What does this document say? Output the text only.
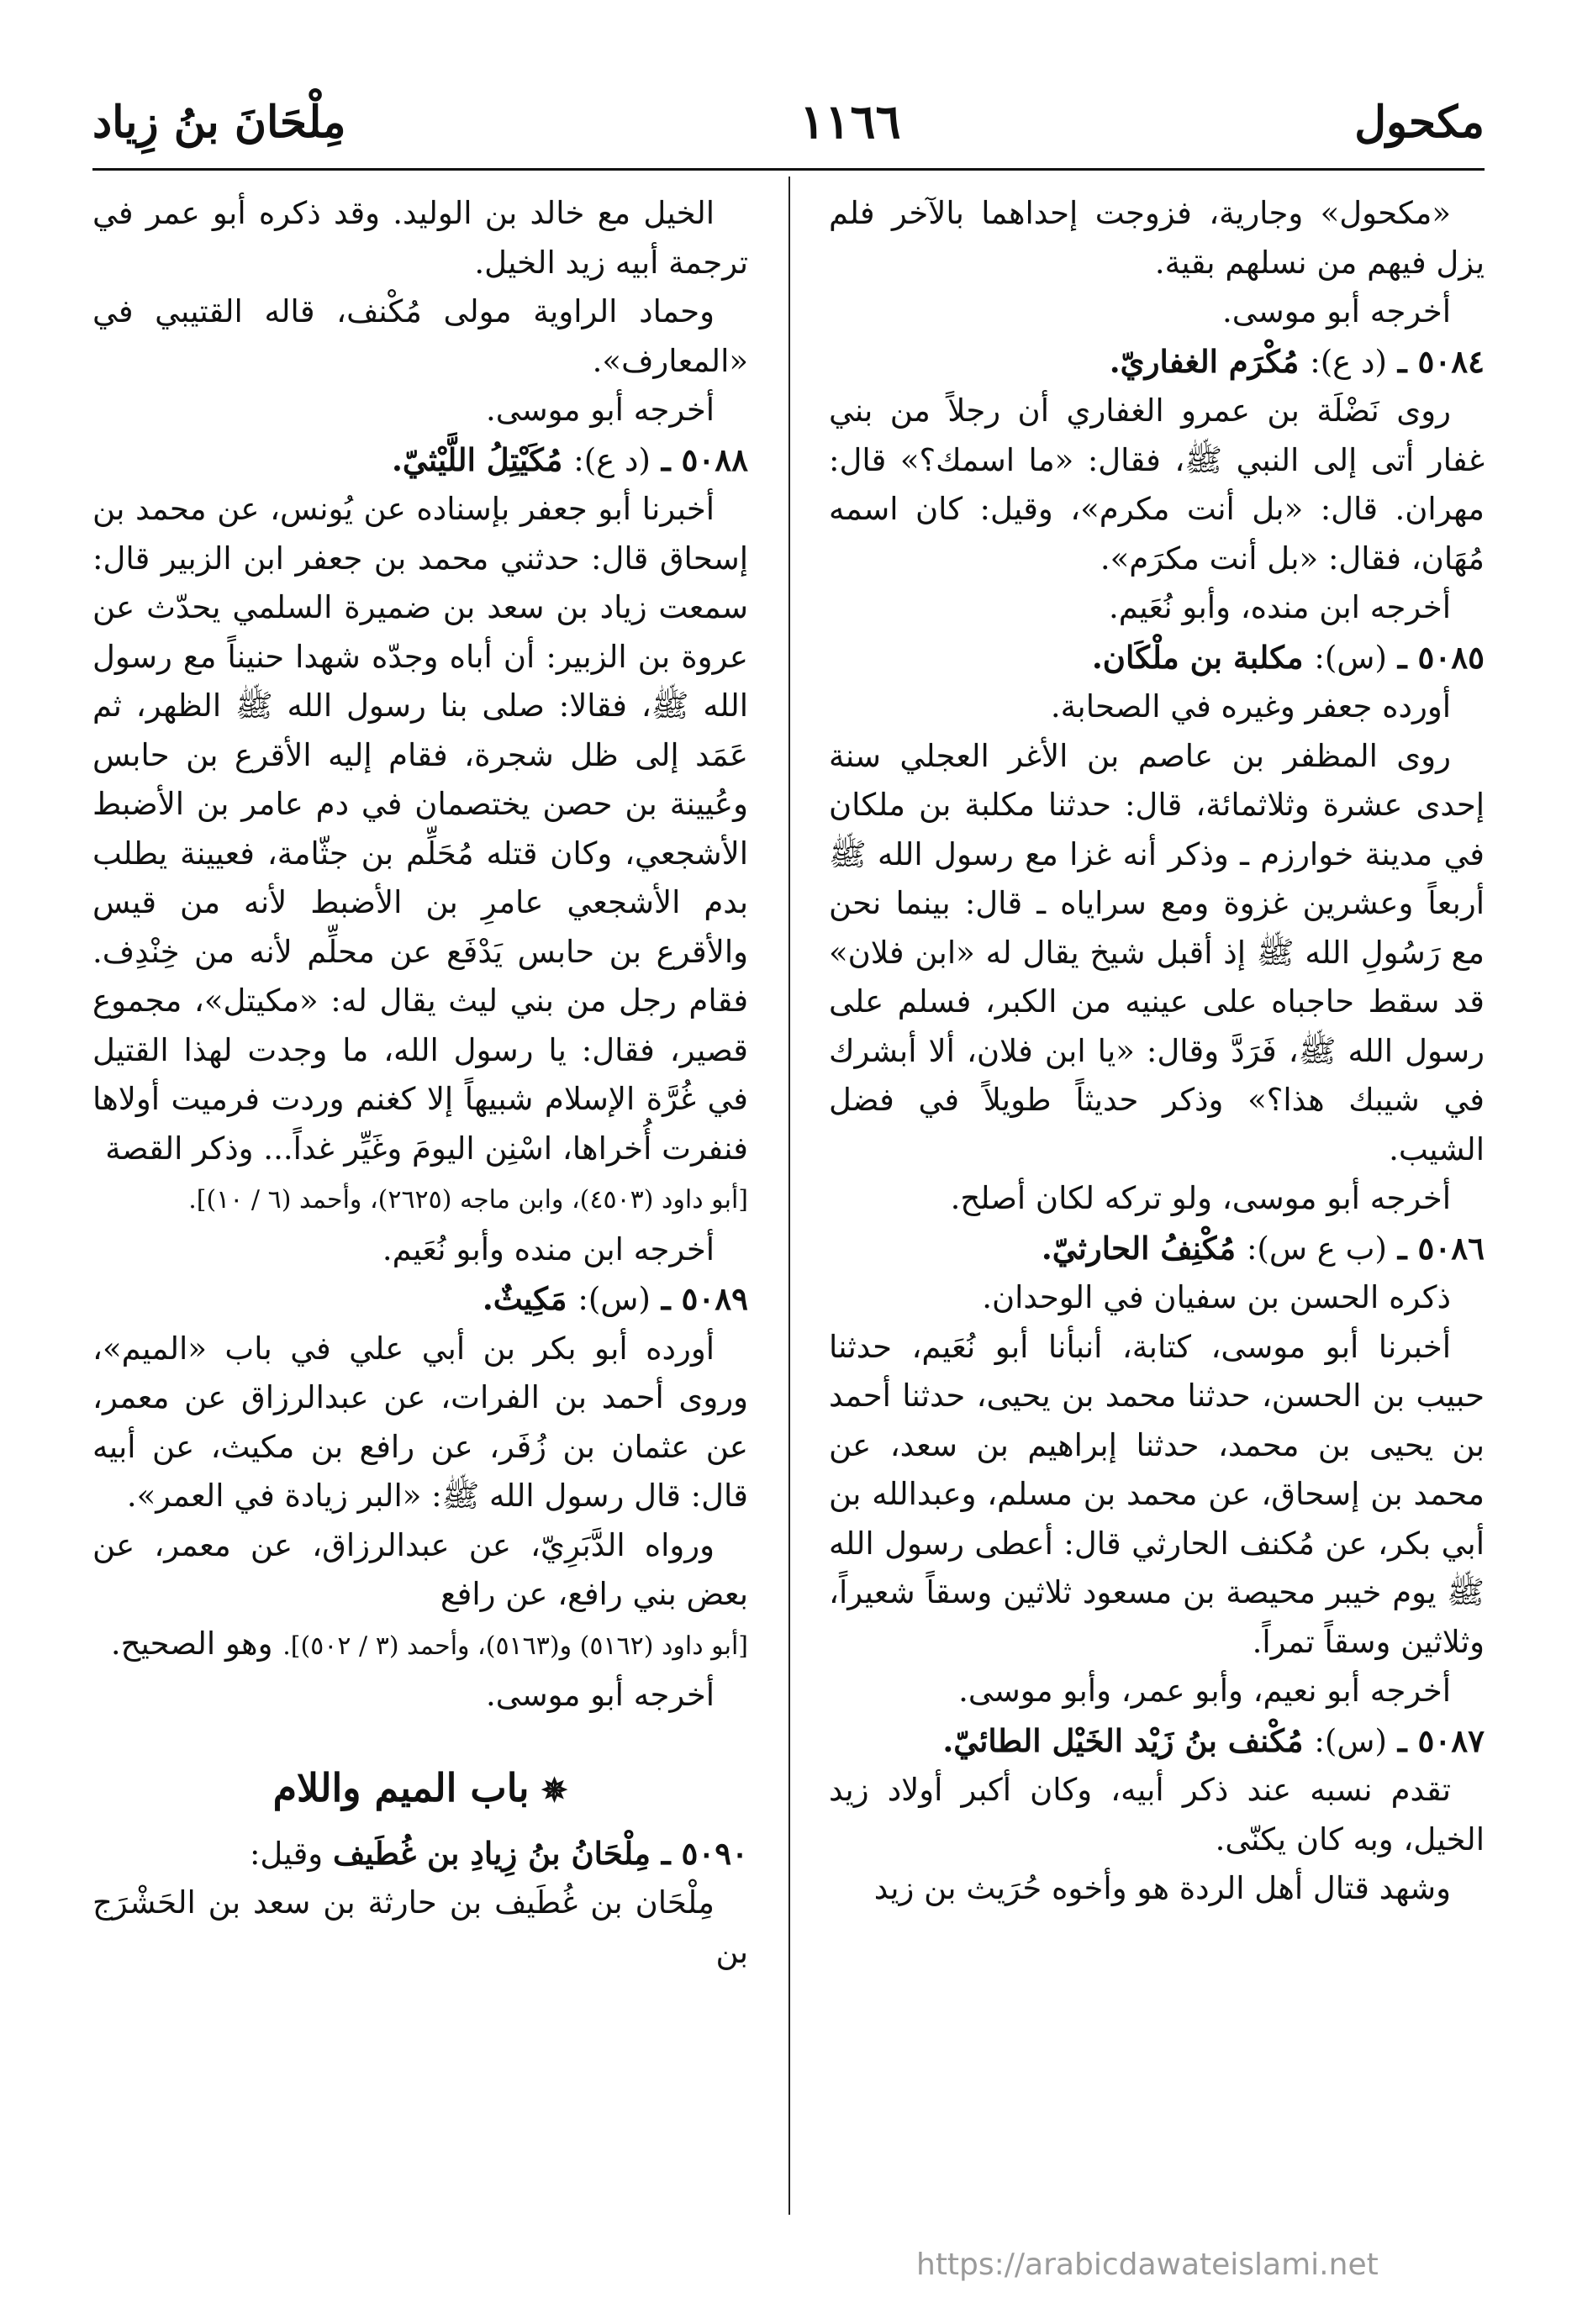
مكحول
١١٦٦
مِلْحَانَ بنُ زِياد

«مكحول» وجارية، فزوجت إحداهما بالآخر فلم يزل فيهم من نسلهم بقية.

أخرجه أبو موسى.

٥٠٨٤ ـ (د ع): مُكْرَم الغفاريّ.

روى نَضْلَة بن عمرو الغفاري أن رجلاً من بني غفار أتى إلى النبي ﷺ، فقال: «ما اسمك؟» قال: مهران. قال: «بل أنت مكرم»، وقيل: كان اسمه مُهَان، فقال: «بل أنت مكرَم».

أخرجه ابن منده، وأبو نُعَيم.

٥٠٨٥ ـ (س): مكلبة بن ملْكَان.

أورده جعفر وغيره في الصحابة.

روى المظفر بن عاصم بن الأغر العجلي سنة إحدى عشرة وثلاثمائة، قال: حدثنا مكلبة بن ملكان في مدينة خوارزم ـ وذكر أنه غزا مع رسول الله ﷺ أربعاً وعشرين غزوة ومع سراياه ـ قال: بينما نحن مع رَسُولِ الله ﷺ إذ أقبل شيخ يقال له «ابن فلان» قد سقط حاجباه على عينيه من الكبر، فسلم على رسول الله ﷺ، فَرَدَّ وقال: «يا ابن فلان، ألا أبشرك في شيبك هذا؟» وذكر حديثاً طويلاً في فضل الشيب.

أخرجه أبو موسى، ولو تركه لكان أصلح.

٥٠٨٦ ـ (ب ع س): مُكْنِفُ الحارثيّ.

ذكره الحسن بن سفيان في الوحدان.

أخبرنا أبو موسى، كتابة، أنبأنا أبو نُعَيم، حدثنا حبيب بن الحسن، حدثنا محمد بن يحيى، حدثنا أحمد بن يحيى بن محمد، حدثنا إبراهيم بن سعد، عن محمد بن إسحاق، عن محمد بن مسلم، وعبدالله بن أبي بكر، عن مُكنف الحارثي قال: أعطى رسول الله ﷺ يوم خيبر محيصة بن مسعود ثلاثين وسقاً شعيراً، وثلاثين وسقاً تمراً.

أخرجه أبو نعيم، وأبو عمر، وأبو موسى.

٥٠٨٧ ـ (س): مُكْنف بنُ زَيْد الخَيْل الطائيّ.

تقدم نسبه عند ذكر أبيه، وكان أكبر أولاد زيد الخيل، وبه كان يكنّى.

وشهد قتال أهل الردة هو وأخوه حُرَيث بن زيد

الخيل مع خالد بن الوليد. وقد ذكره أبو عمر في ترجمة أبيه زيد الخيل.

وحماد الراوية مولى مُكْنف، قاله القتيبي في «المعارف».

أخرجه أبو موسى.

٥٠٨٨ ـ (د ع): مُكَيْتِلُ اللَّيْثيّ.

أخبرنا أبو جعفر بإسناده عن يُونس، عن محمد بن إسحاق قال: حدثني محمد بن جعفر ابن الزبير قال: سمعت زياد بن سعد بن ضميرة السلمي يحدّث عن عروة بن الزبير: أن أباه وجدّه شهدا حنيناً مع رسول الله ﷺ، فقالا: صلى بنا رسول الله ﷺ الظهر، ثم عَمَد إلى ظل شجرة، فقام إليه الأقرع بن حابس وعُيينة بن حصن يختصمان في دم عامر بن الأضبط الأشجعي، وكان قتله مُحَلِّم بن جثّامة، فعيينة يطلب بدم الأشجعي عامرِ بن الأضبط لأنه من قيس والأقرع بن حابس يَدْفَع عن محلِّم لأنه من خِنْدِف. فقام رجل من بني ليث يقال له: «مكيتل»، مجموع قصير، فقال: يا رسول الله، ما وجدت لهذا القتيل في غُرَّة الإسلام شبيهاً إلا كغنم وردت فرميت أولاها فنفرت أُخراها، اسْنِن اليومَ وغَيِّر غداً... وذكر القصة

[أبو داود (٤٥٠٣)، وابن ماجه (٢٦٢٥)، وأحمد (٦ / ١٠)].

أخرجه ابن منده وأبو نُعَيم.

٥٠٨٩ ـ (س): مَكِيثٌ.

أورده أبو بكر بن أبي علي في باب «الميم»، وروى أحمد بن الفرات، عن عبدالرزاق عن معمر، عن عثمان بن زُفَر، عن رافع بن مكيث، عن أبيه قال: قال رسول الله ﷺ: «البر زيادة في العمر».

ورواه الدَّبَرِيّ، عن عبدالرزاق، عن معمر، عن بعض بني رافع، عن رافع

[أبو داود (٥١٦٢) و(٥١٦٣)، وأحمد (٣ / ٥٠٢)]. وهو الصحيح.

أخرجه أبو موسى.

✵باب الميم واللام

٥٠٩٠ ـ مِلْحَانُ بنُ زِيادِ بن غُطَيف وقيل:

مِلْحَان بن غُطَيف بن حارثة بن سعد بن الحَشْرَج بن

https://arabicdawateislami.net
